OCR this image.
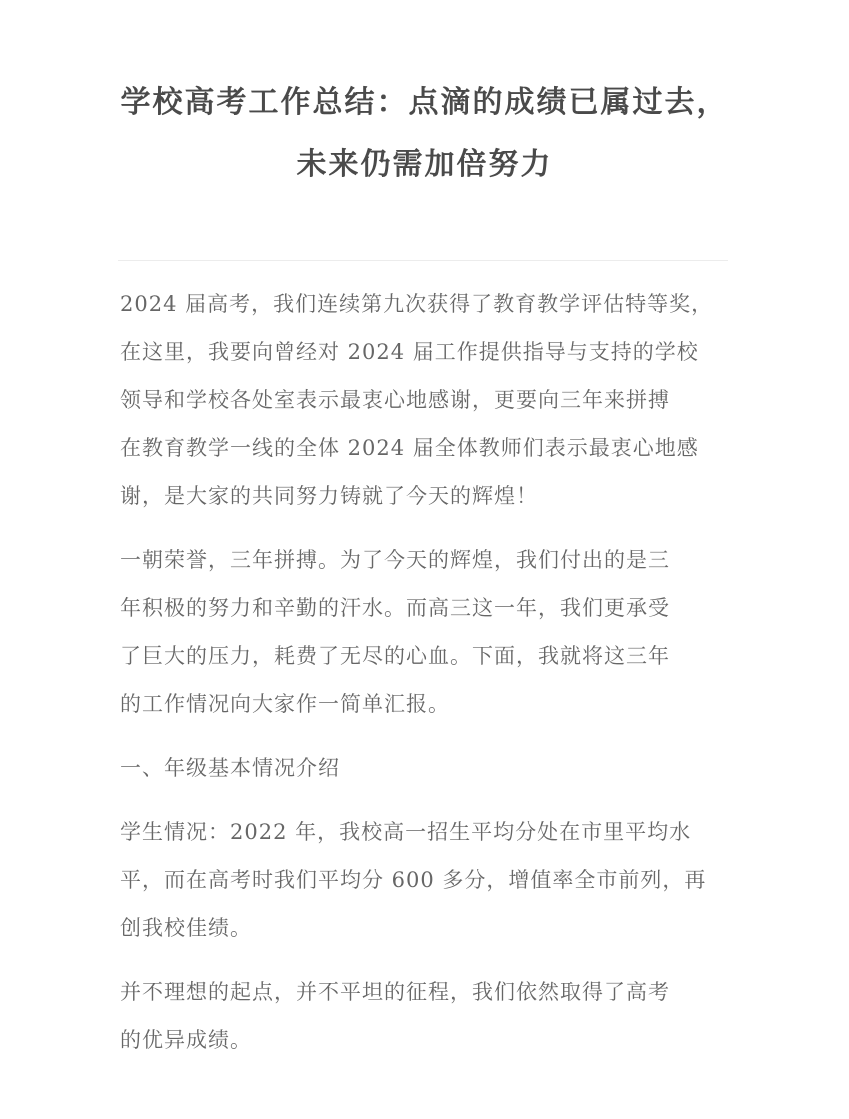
学校高考工作总结：点滴的成绩已属过去，
未来仍需加倍努力

2024 届高考，我们连续第九次获得了教育教学评估特等奖，
在这里，我要向曾经对 2024 届工作提供指导与支持的学校
领导和学校各处室表示最衷心地感谢，更要向三年来拼搏
在教育教学一线的全体 2024 届全体教师们表示最衷心地感
谢，是大家的共同努力铸就了今天的辉煌！

一朝荣誉，三年拼搏。为了今天的辉煌，我们付出的是三
年积极的努力和辛勤的汗水。而高三这一年，我们更承受
了巨大的压力，耗费了无尽的心血。下面，我就将这三年
的工作情况向大家作一简单汇报。

一、年级基本情况介绍

学生情况：2022 年，我校高一招生平均分处在市里平均水
平，而在高考时我们平均分 600 多分，增值率全市前列，再
创我校佳绩。

并不理想的起点，并不平坦的征程，我们依然取得了高考
的优异成绩。
